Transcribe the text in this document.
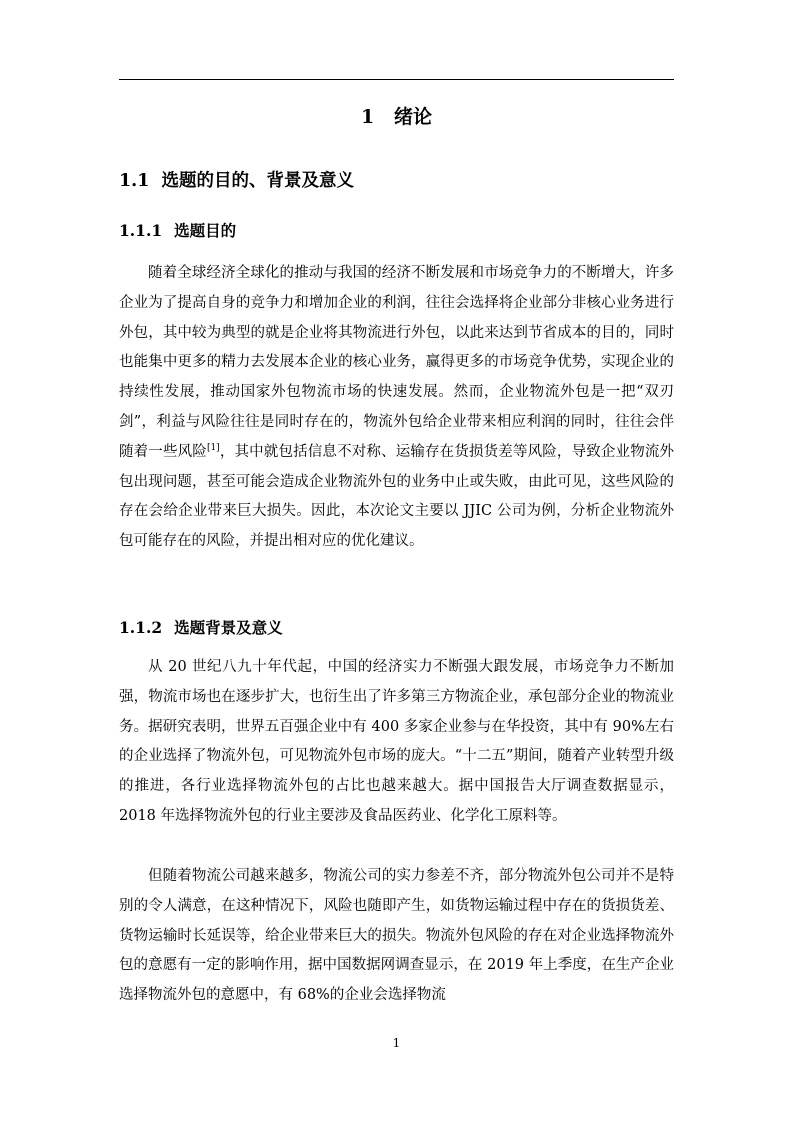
1   绪论
1.1 选题的目的、背景及意义
1.1.1 选题目的

随着全球经济全球化的推动与我国的经济不断发展和市场竞争力的不断增大，许多企业为了提高自身的竞争力和增加企业的利润，往往会选择将企业部分非核心业务进行外包，其中较为典型的就是企业将其物流进行外包，以此来达到节省成本的目的，同时也能集中更多的精力去发展本企业的核心业务，赢得更多的市场竞争优势，实现企业的持续性发展，推动国家外包物流市场的快速发展。然而，企业物流外包是一把“双刃剑”，利益与风险往往是同时存在的，物流外包给企业带来相应利润的同时，往往会伴随着一些风险[1]，其中就包括信息不对称、运输存在货损货差等风险，导致企业物流外包出现问题，甚至可能会造成企业物流外包的业务中止或失败，由此可见，这些风险的存在会给企业带来巨大损失。因此，本次论文主要以 JJIC 公司为例，分析企业物流外包可能存在的风险，并提出相对应的优化建议。

1.1.2 选题背景及意义

从 20 世纪八九十年代起，中国的经济实力不断强大跟发展，市场竞争力不断加强，物流市场也在逐步扩大，也衍生出了许多第三方物流企业，承包部分企业的物流业务。据研究表明，世界五百强企业中有 400 多家企业参与在华投资，其中有 90%左右的企业选择了物流外包，可见物流外包市场的庞大。“十二五”期间，随着产业转型升级的推进，各行业选择物流外包的占比也越来越大。据中国报告大厅调查数据显示，2018 年选择物流外包的行业主要涉及食品医药业、化学化工原料等。

但随着物流公司越来越多，物流公司的实力参差不齐，部分物流外包公司并不是特别的令人满意，在这种情况下，风险也随即产生，如货物运输过程中存在的货损货差、货物运输时长延误等，给企业带来巨大的损失。物流外包风险的存在对企业选择物流外包的意愿有一定的影响作用，据中国数据网调查显示，在 2019 年上季度，在生产企业选择物流外包的意愿中，有 68%的企业会选择物流

1
